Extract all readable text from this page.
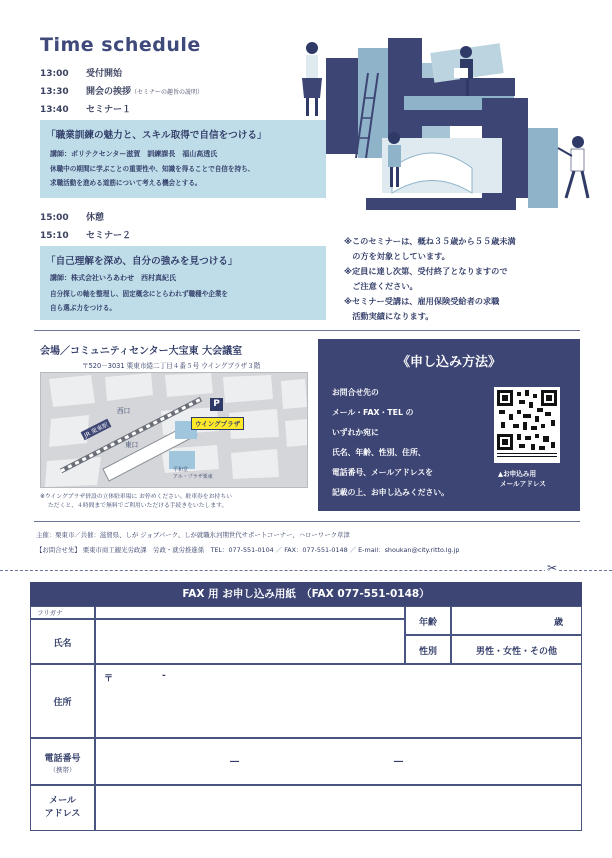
Time schedule
13:00 受付開始
13:30 開会の挨拶（セミナーの趣旨の説明）
13:40 セミナー１
「職業訓練の魅力と、スキル取得で自信をつける」
講師：ポリテクセンター滋賀　訓練課長　福山高透氏
休職中の期間に学ぶことの重要性や、知識を得ることで自信を持ち、
求職活動を進める道筋について考える機会とする。
15:00 休憩
15:10 セミナー２
「自己理解を深め、自分の強みを見つける」
講師：株式会社いろあわせ　西村真紀氏
自分探しの軸を整理し、固定概念にとらわれず職種や企業を
自ら選ぶ力をつける。
※このセミナーは、概ね３５歳から５５歳未満
　の方を対象としています。
※定員に達し次第、受付終了となりますので
　ご注意ください。
※セミナー受講は、雇用保険受給者の求職
　活動実績になります。
会場／コミュニティセンター大宝東 大会議室
〒520－3031 栗東市綣二丁目４番５号 ウイングプラザ３階
P
ウイングプラザ
西口
東口
JR 栗東駅
平和堂
アル・プラザ栗東
※ウイングプラザ併設の立体駐車場に お停めください。駐車券をお持ちい
ただくと、４時間まで無料でご利用いただける手続きをいたします。
《申し込み方法》
お問合せ先の
メール・FAX・TEL の
いずれか宛に
氏名、年齢、性別、住所、
電話番号、メールアドレスを
記載の上、お申し込みください。
▲お申込み用
メールアドレス
主催：栗東市／共催：滋賀県、しが ジョブパーク、しが就職氷河期世代サポートコーナー、ハローワーク草津
【お問合せ先】 栗東市商工観光労政課　労政・就労推進係　TEL：077-551-0104 ／ FAX：077-551-0148 ／ E-mail：shoukan@city.ritto.lg.jp
✂
FAX 用 お申し込み用紙　（FAX 077-551-0148）
フリガナ
氏名
年齢	歳
性別	男性・女性・その他
住所
〒	-
電話番号
（携帯）
―	―
メール
アドレス
